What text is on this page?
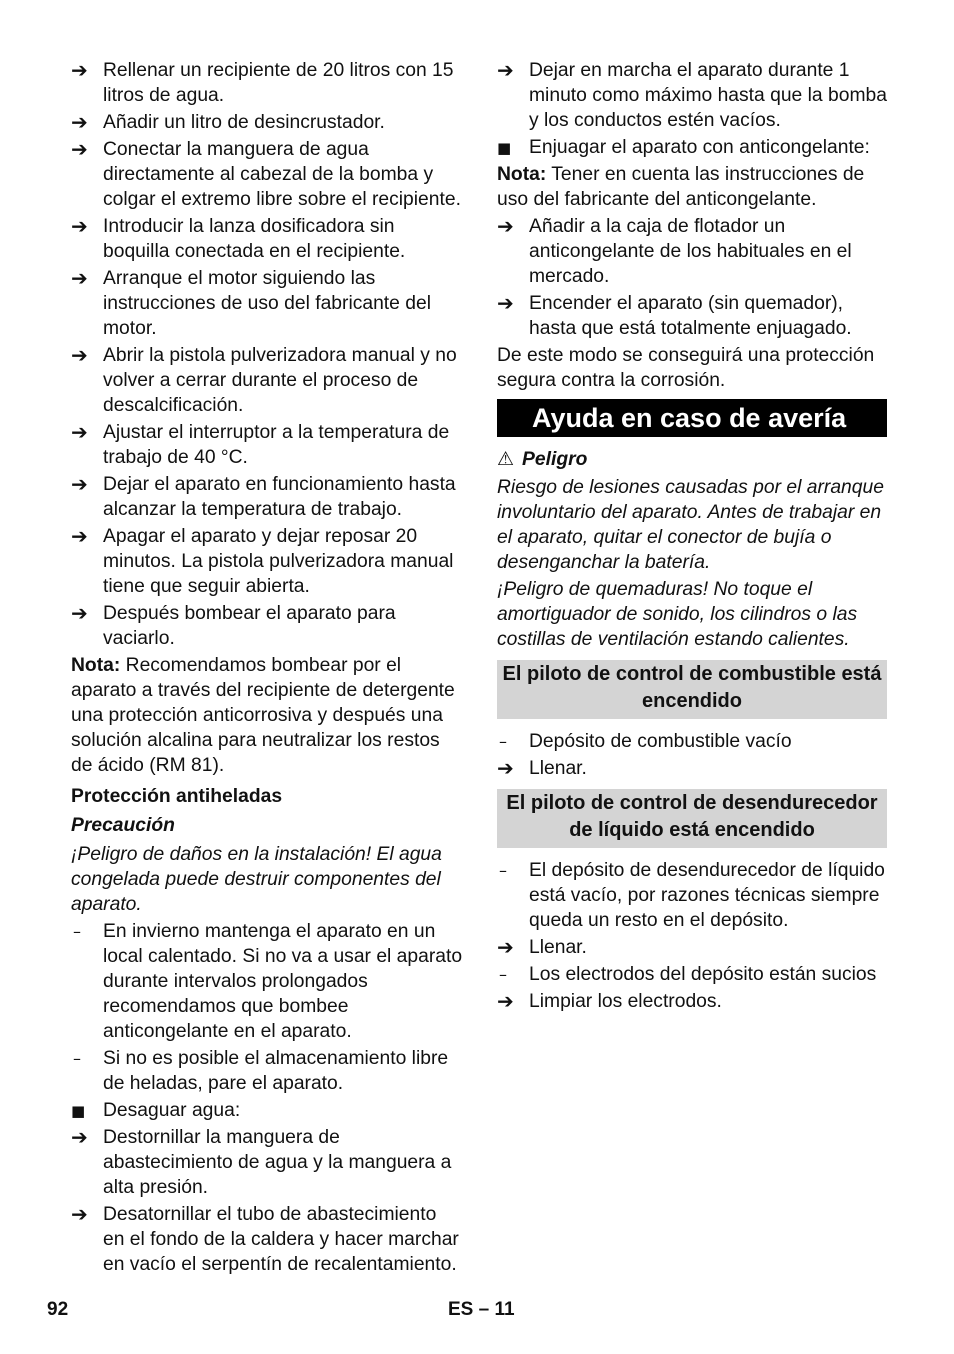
➔ Rellenar un recipiente de 20 litros con 15 litros de agua.
➔ Añadir un litro de desincrustador.
➔ Conectar la manguera de agua directamente al cabezal de la bomba y colgar el extremo libre sobre el recipiente.
➔ Introducir la lanza dosificadora sin boquilla conectada en el recipiente.
➔ Arranque el motor siguiendo las instrucciones de uso del fabricante del motor.
➔ Abrir la pistola pulverizadora manual y no volver a cerrar durante el proceso de descalcificación.
➔ Ajustar el interruptor a la temperatura de trabajo de 40 °C.
➔ Dejar el aparato en funcionamiento hasta alcanzar la temperatura de trabajo.
➔ Apagar el aparato y dejar reposar 20 minutos. La pistola pulverizadora manual tiene que seguir abierta.
➔ Después bombear el aparato para vaciarlo.

Nota: Recomendamos bombear por el aparato a través del recipiente de detergente una protección anticorrosiva y después una solución alcalina para neutralizar los restos de ácido (RM 81).

Protección antiheladas

Precaución

¡Peligro de daños en la instalación! El agua congelada puede destruir componentes del aparato.

–	En invierno mantenga el aparato en un local calentado. Si no va a usar el aparato durante intervalos prolongados recomendamos que bombee anticongelante en el aparato.
–	Si no es posible el almacenamiento libre de heladas, pare el aparato.
■ Desaguar agua:
➔ Destornillar la manguera de abastecimiento de agua y la manguera a alta presión.
➔ Desatornillar el tubo de abastecimiento en el fondo de la caldera y hacer marchar en vacío el serpentín de recalentamiento.
➔ Dejar en marcha el aparato durante 1 minuto como máximo hasta que la bomba y los conductos estén vacíos.
■ Enjuagar el aparato con anticongelante:

Nota: Tener en cuenta las instrucciones de uso del fabricante del anticongelante.

➔ Añadir a la caja de flotador un anticongelante de los habituales en el mercado.
➔ Encender el aparato (sin quemador), hasta que está totalmente enjuagado.

De este modo se conseguirá una protección segura contra la corrosión.

Ayuda en caso de avería

⚠ Peligro

Riesgo de lesiones causadas por el arranque involuntario del aparato. Antes de trabajar en el aparato, quitar el conector de bujía o desenganchar la batería.

¡Peligro de quemaduras! No toque el amortiguador de sonido, los cilindros o las costillas de ventilación estando calientes.

El piloto de control de combustible está encendido
–	Depósito de combustible vacío
➔ Llenar.
El piloto de control de desendurecedor de líquido está encendido
–	El depósito de desendurecedor de líquido está vacío, por razones técnicas siempre queda un resto en el depósito.
➔ Llenar.
–	Los electrodos del depósito están sucios
➔ Limpiar los electrodos.
92	ES – 11
